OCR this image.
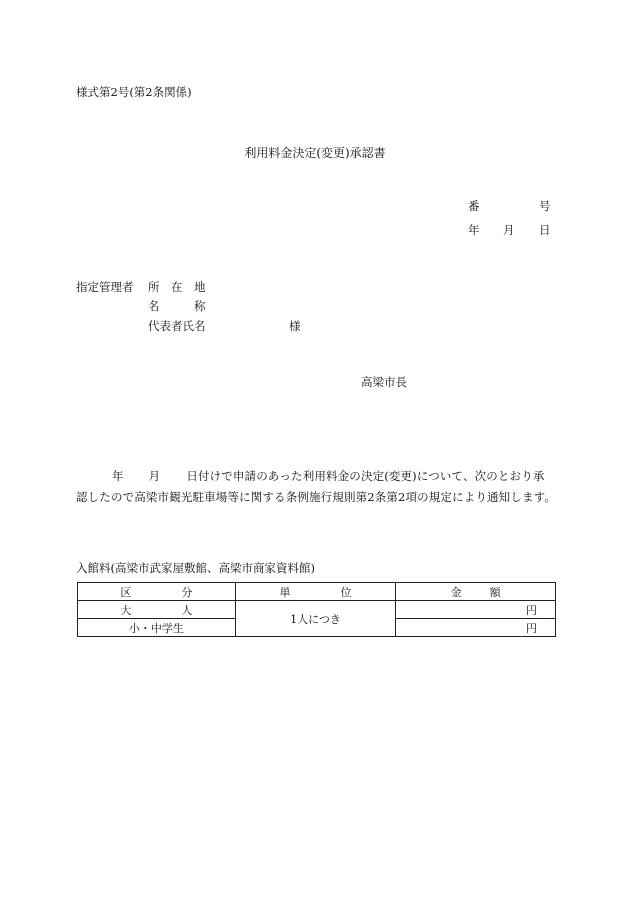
様式第2号(第2条関係)
利用料金決定(変更)承認書
番	号
年 月 日
指定管理者 所　在　地
名　　　称
代表者氏名	様
高梁市長
年 月 日付けで申請のあった利用料金の決定(変更)について、次のとおり承
認したので高梁市観光駐車場等に関する条例施行規則第2条第2項の規定により通知します。
入館料(高梁市武家屋敷館、高梁市商家資料館)
区分	単位	金額
大人	1人につき	円
小・中学生		円
